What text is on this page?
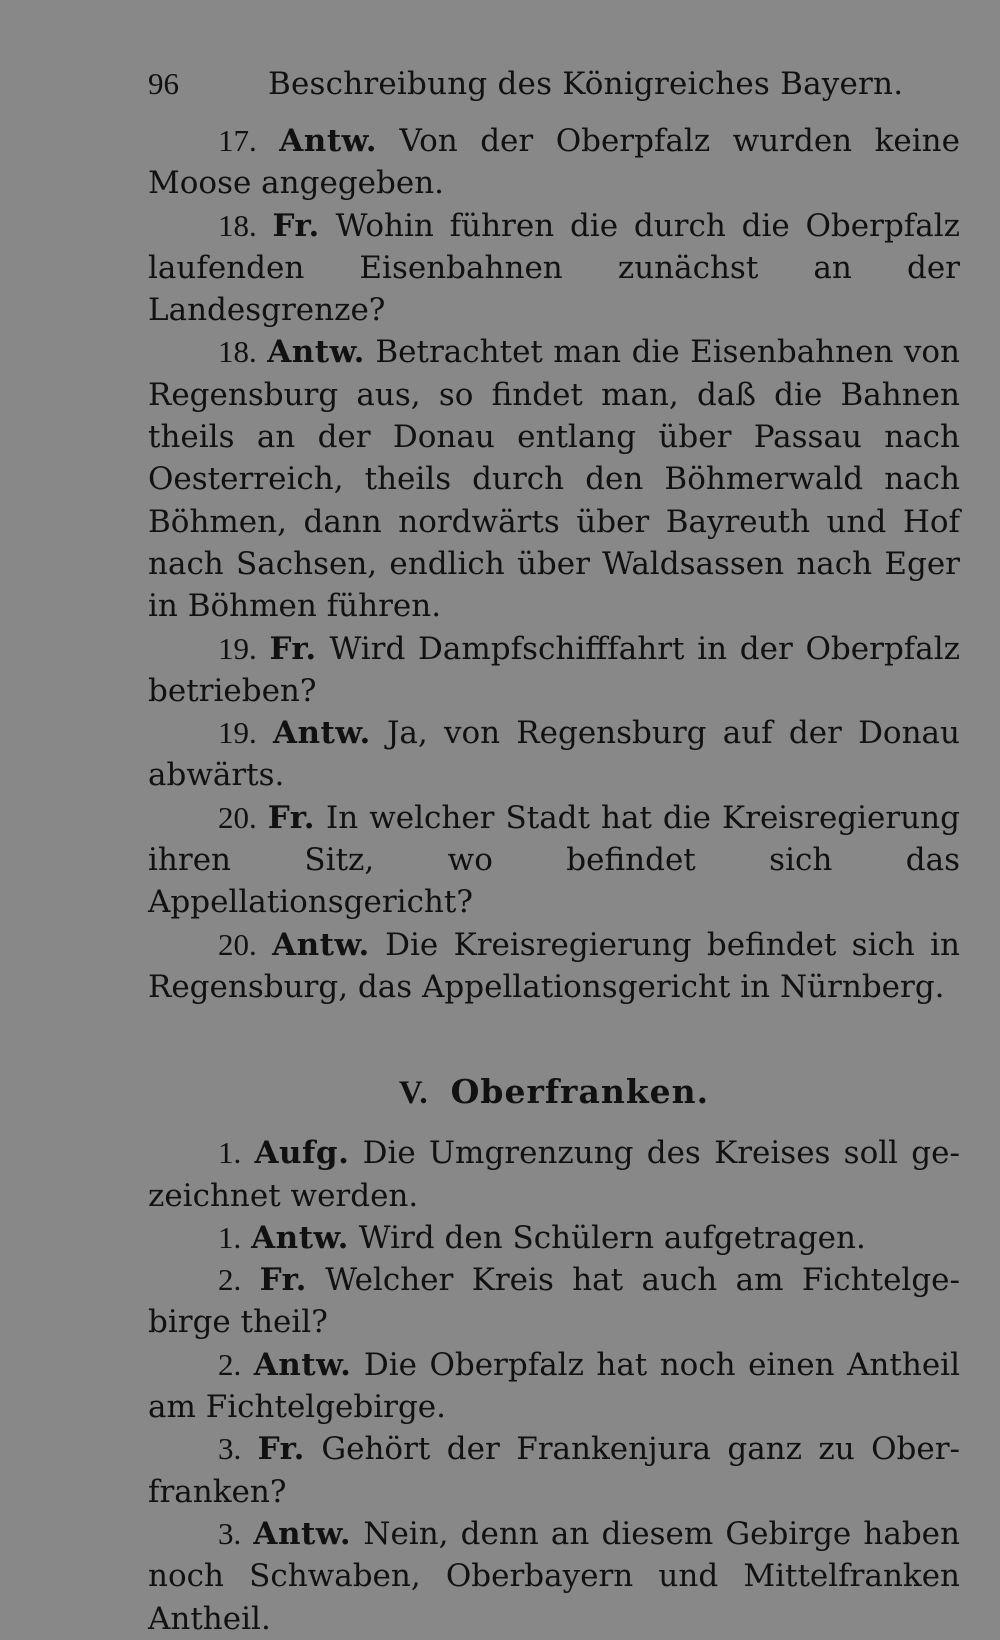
96	Beschreibung des Königreiches Bayern.

17. Antw. Von der Oberpfalz wurden keine Moose angegeben.

18. Fr. Wohin führen die durch die Oberpfalz laufenden Eisenbahnen zunächst an der Landesgrenze?

18. Antw. Betrachtet man die Eisenbahnen von Regensburg aus, so findet man, daß die Bahnen theils an der Donau entlang über Passau nach Oesterreich, theils durch den Böhmerwald nach Böhmen, dann nordwärts über Bayreuth und Hof nach Sachsen, endlich über Waldsassen nach Eger in Böhmen führen.

19. Fr. Wird Dampfschifffahrt in der Oberpfalz betrieben?

19. Antw. Ja, von Regensburg auf der Donau abwärts.

20. Fr. In welcher Stadt hat die Kreisregierung ihren Sitz, wo befindet sich das Appellationsgericht?

20. Antw. Die Kreisregierung befindet sich in Regensburg, das Appellationsgericht in Nürnberg.

V. Oberfranken.

1. Aufg. Die Umgrenzung des Kreises soll gezeichnet werden.

1. Antw. Wird den Schülern aufgetragen.

2. Fr. Welcher Kreis hat auch am Fichtelgebirge theil?

2. Antw. Die Oberpfalz hat noch einen Antheil am Fichtelgebirge.

3. Fr. Gehört der Frankenjura ganz zu Oberfranken?

3. Antw. Nein, denn an diesem Gebirge haben noch Schwaben, Oberbayern und Mittelfranken Antheil.
